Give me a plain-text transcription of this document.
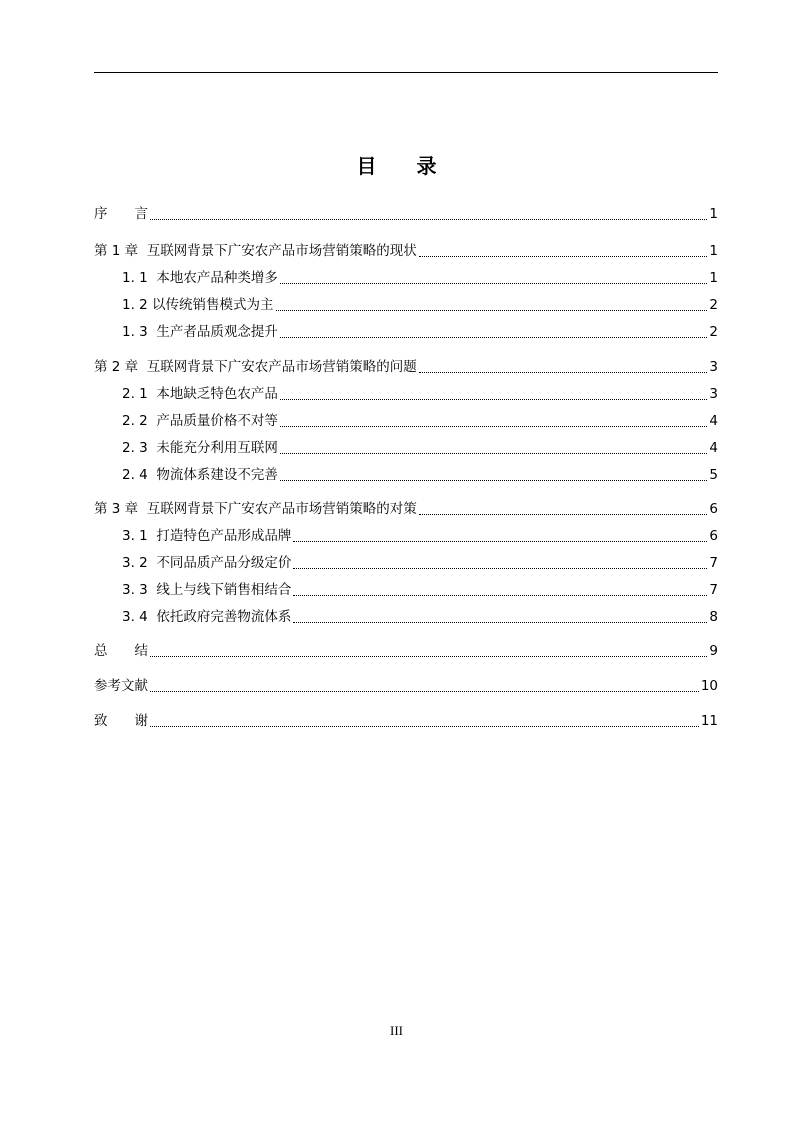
目 录
序　　言	1
第 1 章  互联网背景下广安农产品市场营销策略的现状	1
1. 1  本地农产品种类增多	1
1. 2 以传统销售模式为主	2
1. 3  生产者品质观念提升	2
第 2 章  互联网背景下广安农产品市场营销策略的问题	3
2. 1  本地缺乏特色农产品	3
2. 2  产品质量价格不对等	4
2. 3  未能充分利用互联网	4
2. 4  物流体系建设不完善	5
第 3 章  互联网背景下广安农产品市场营销策略的对策	6
3. 1  打造特色产品形成品牌	6
3. 2  不同品质产品分级定价	7
3. 3  线上与线下销售相结合	7
3. 4  依托政府完善物流体系	8
总　　结	9
参考文献	10
致　　谢	11
III
